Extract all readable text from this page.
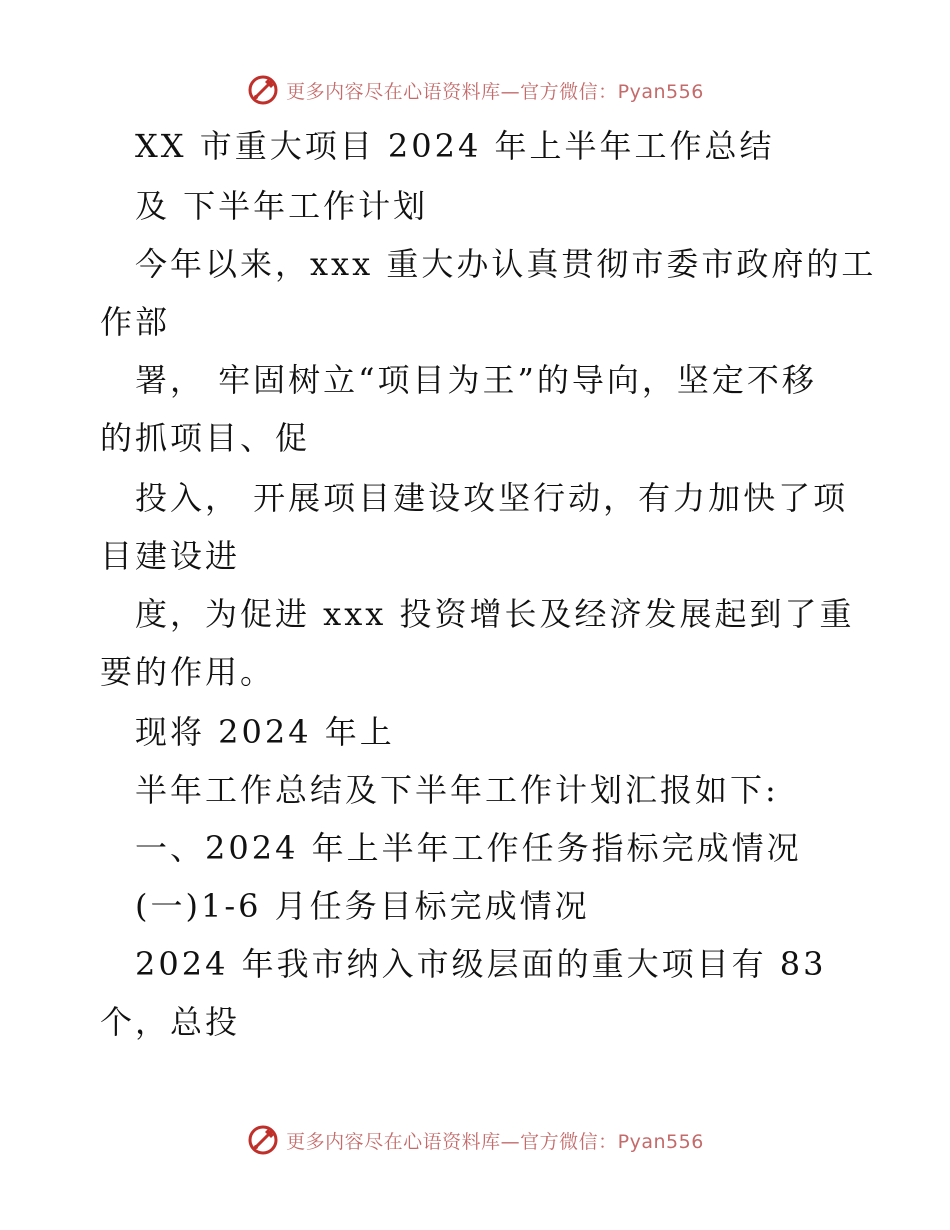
更多内容尽在心语资料库—官方微信：Pyan556
XX 市重大项目 2024 年上半年工作总结
及 下半年工作计划
今年以来，xxx 重大办认真贯彻市委市政府的工
作部
署， 牢固树立“项目为王”的导向，坚定不移
的抓项目、促
投入， 开展项目建设攻坚行动，有力加快了项
目建设进
度，为促进 xxx 投资增长及经济发展起到了重
要的作用。
现将 2024 年上
半年工作总结及下半年工作计划汇报如下:
一、2024 年上半年工作任务指标完成情况
(一)1-6 月任务目标完成情况
2024 年我市纳入市级层面的重大项目有 83
个，总投
更多内容尽在心语资料库—官方微信：Pyan556
